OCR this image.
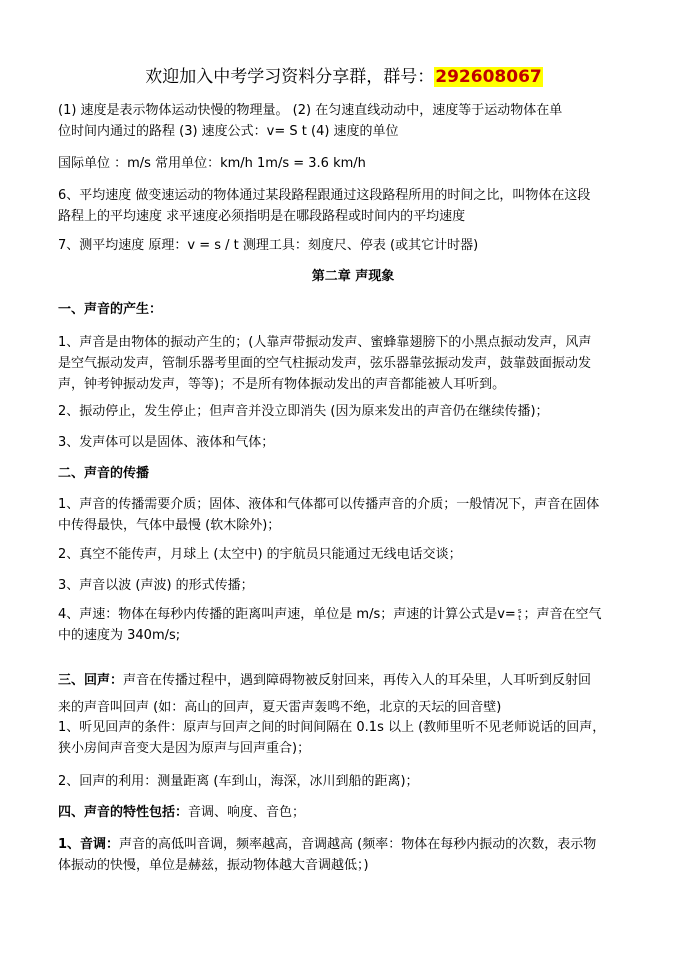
欢迎加入中考学习资料分享群，群号：292608067

(1) 速度是表示物体运动快慢的物理量。 (2) 在匀速直线动动中，速度等于运动物体在单

位时间内通过的路程 (3) 速度公式：v= S t (4) 速度的单位

国际单位 ：m/s 常用单位：km/h 1m/s = 3.6 km/h

6、平均速度 做变速运动的物体通过某段路程跟通过这段路程所用的时间之比，叫物体在这段

路程上的平均速度 求平速度必须指明是在哪段路程或时间内的平均速度

7、测平均速度 原理：v = s / t 测理工具：刻度尺、停表 (或其它计时器)

第二章 声现象

一、声音的产生：

1、声音是由物体的振动产生的；(人靠声带振动发声、蜜蜂靠翅膀下的小黑点振动发声，风声

是空气振动发声，管制乐器考里面的空气柱振动发声，弦乐器靠弦振动发声，鼓靠鼓面振动发

声，钟考钟振动发声，等等)；不是所有物体振动发出的声音都能被人耳听到。

2、振动停止，发生停止；但声音并没立即消失 (因为原来发出的声音仍在继续传播)；

3、发声体可以是固体、液体和气体；

二、声音的传播

1、声音的传播需要介质；固体、液体和气体都可以传播声音的介质；一般情况下，声音在固体

中传得最快，气体中最慢 (软木除外)；

2、真空不能传声，月球上 (太空中) 的宇航员只能通过无线电话交谈；

3、声音以波 (声波) 的形式传播；

4、声速：物体在每秒内传播的距离叫声速，单位是 m/s；声速的计算公式是v= s
t ；声音在空气

中的速度为 340m/s;

三、回声：声音在传播过程中，遇到障碍物被反射回来，再传入人的耳朵里，人耳听到反射回

来的声音叫回声 (如：高山的回声，夏天雷声轰鸣不绝，北京的天坛的回音壁)

1、听见回声的条件：原声与回声之间的时间间隔在 0.1s 以上 (教师里听不见老师说话的回声，

狭小房间声音变大是因为原声与回声重合)；

2、回声的利用：测量距离 (车到山，海深，冰川到船的距离)；

四、声音的特性包括：音调、响度、音色；

1、音调：声音的高低叫音调，频率越高，音调越高 (频率：物体在每秒内振动的次数，表示物

体振动的快慢，单位是赫兹，振动物体越大音调越低；)
